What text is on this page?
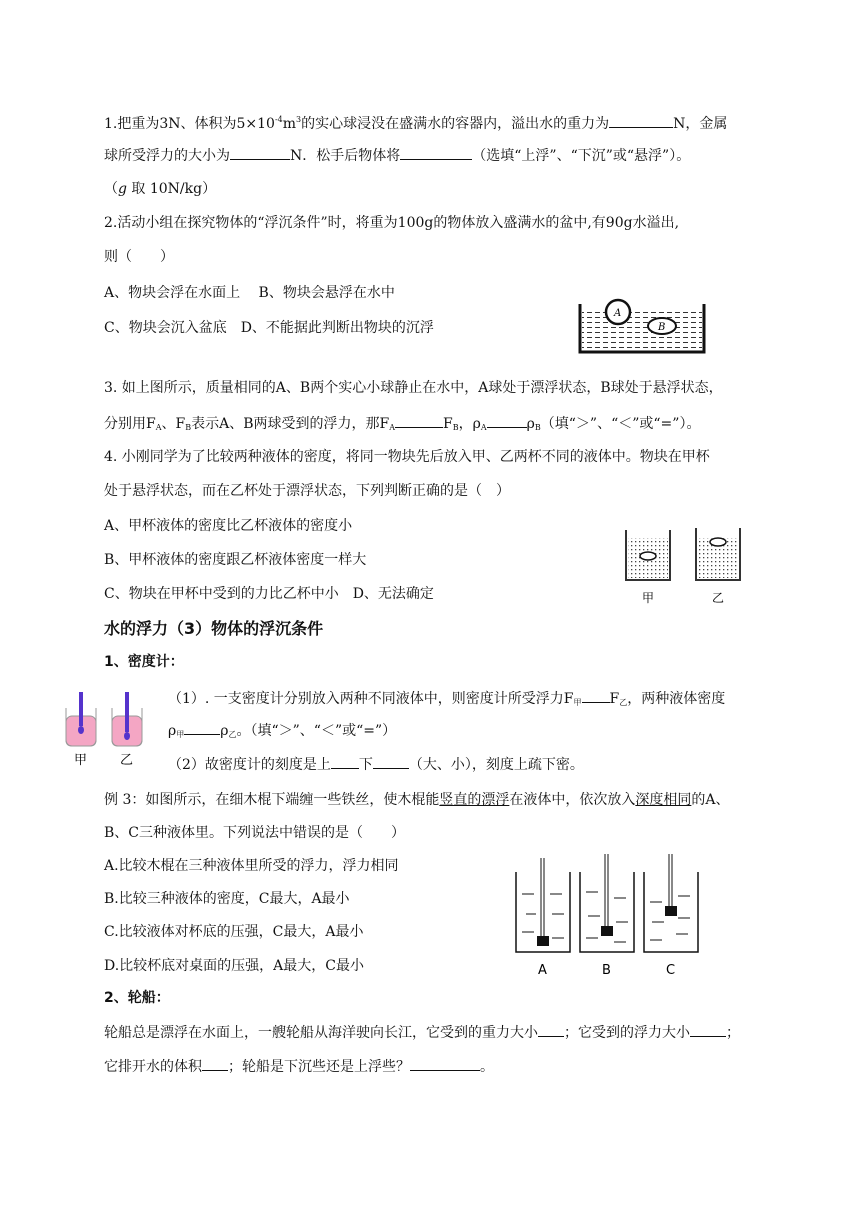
1.把重为3N、体积为$5\times 10^{-4}m^3$的实心球浸没在盛满水的容器内，溢出水的重力为	N，金属
球所受浮力的大小为	N．松手后物体将	（选填“上浮”、“下沉”或“悬浮”）。
（g 取 10N/kg）
2.活动小组在探究物体的“浮沉条件”时，将重为100g的物体放入盛满水的盆中,有90g水溢出,
则（　　）
A、物块会浮在水面上　 B、物块会悬浮在水中
C、物块会沉入盆底　D、不能据此判断出物块的沉浮
A
B
3. 如上图所示，质量相同的A、B两个实心小球静止在水中，A球处于漂浮状态，B球处于悬浮状态，
分别用$F_A$、$F_B$表示A、B两球受到的浮力，那$F_A$	$F_B$，$\rho_A$	$\rho_B$（填“＞”、“＜”或“=”）。
4. 小刚同学为了比较两种液体的密度，将同一物块先后放入甲、乙两杯不同的液体中。物块在甲杯
处于悬浮状态，而在乙杯处于漂浮状态，下列判断正确的是（　）
A、甲杯液体的密度比乙杯液体的密度小
B、甲杯液体的密度跟乙杯液体密度一样大
C、物块在甲杯中受到的力比乙杯中小　D、无法确定	甲	乙
水的浮力（3）物体的浮沉条件
1、密度计：
甲	乙
（1）. 一支密度计分别放入两种不同液体中，则密度计所受浮力$F_甲$ $F_乙$，两种液体密度
$\rho_甲$	$\rho_乙$。（填“＞”、“＜”或“=”）
（2）故密度计的刻度是上 下	（大、小），刻度上疏下密。
例 3：如图所示，在细木棍下端缠一些铁丝，使木棍能竖直的漂浮在液体中，依次放入深度相同的A、
B、C三种液体里。下列说法中错误的是（　　）
A.比较木棍在三种液体里所受的浮力，浮力相同
B.比较三种液体的密度，C最大，A最小
C.比较液体对杯底的压强，C最大，A最小
D.比较杯底对桌面的压强，A最大，C最小	A	B	C
2、轮船：
轮船总是漂浮在水面上，一艘轮船从海洋驶向长江，它受到的重力大小 ；它受到的浮力大小	；
它排开水的体积 ；轮船是下沉些还是上浮些？	。
